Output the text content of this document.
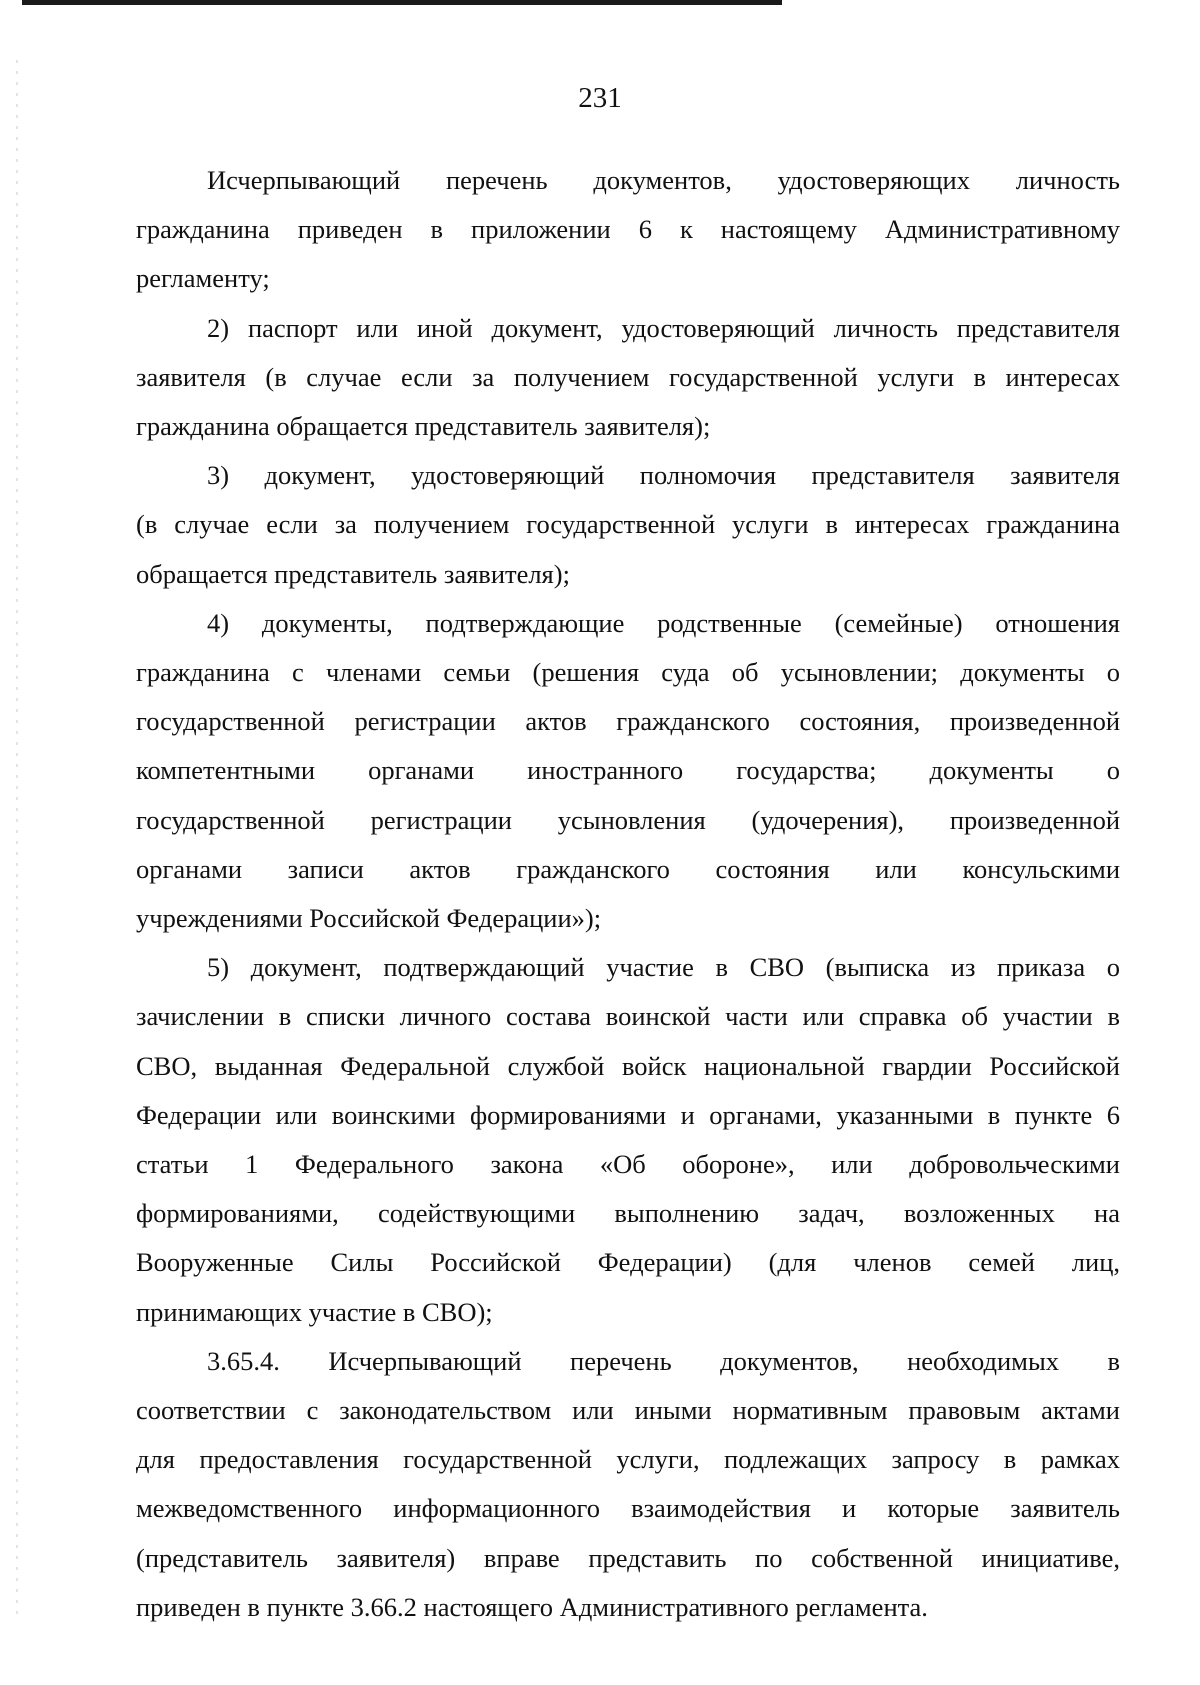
231
Исчерпывающий перечень документов, удостоверяющих личность
гражданина приведен в приложении 6 к настоящему Административному
регламенту;
2) паспорт или иной документ, удостоверяющий личность представителя
заявителя (в случае если за получением государственной услуги в интересах
гражданина обращается представитель заявителя);
3) документ, удостоверяющий полномочия представителя заявителя
(в случае если за получением государственной услуги в интересах гражданина
обращается представитель заявителя);
4) документы, подтверждающие родственные (семейные) отношения
гражданина с членами семьи (решения суда об усыновлении; документы о
государственной регистрации актов гражданского состояния, произведенной
компетентными органами иностранного государства; документы о
государственной регистрации усыновления (удочерения), произведенной
органами записи актов гражданского состояния или консульскими
учреждениями Российской Федерации»);
5) документ, подтверждающий участие в СВО (выписка из приказа о
зачислении в списки личного состава воинской части или справка об участии в
СВО, выданная Федеральной службой войск национальной гвардии Российской
Федерации или воинскими формированиями и органами, указанными в пункте 6
статьи 1 Федерального закона «Об обороне», или добровольческими
формированиями, содействующими выполнению задач, возложенных на
Вооруженные Силы Российской Федерации) (для членов семей лиц,
принимающих участие в СВО);
3.65.4. Исчерпывающий перечень документов, необходимых в
соответствии с законодательством или иными нормативным правовым актами
для предоставления государственной услуги, подлежащих запросу в рамках
межведомственного информационного взаимодействия и которые заявитель
(представитель заявителя) вправе представить по собственной инициативе,
приведен в пункте 3.66.2 настоящего Административного регламента.
